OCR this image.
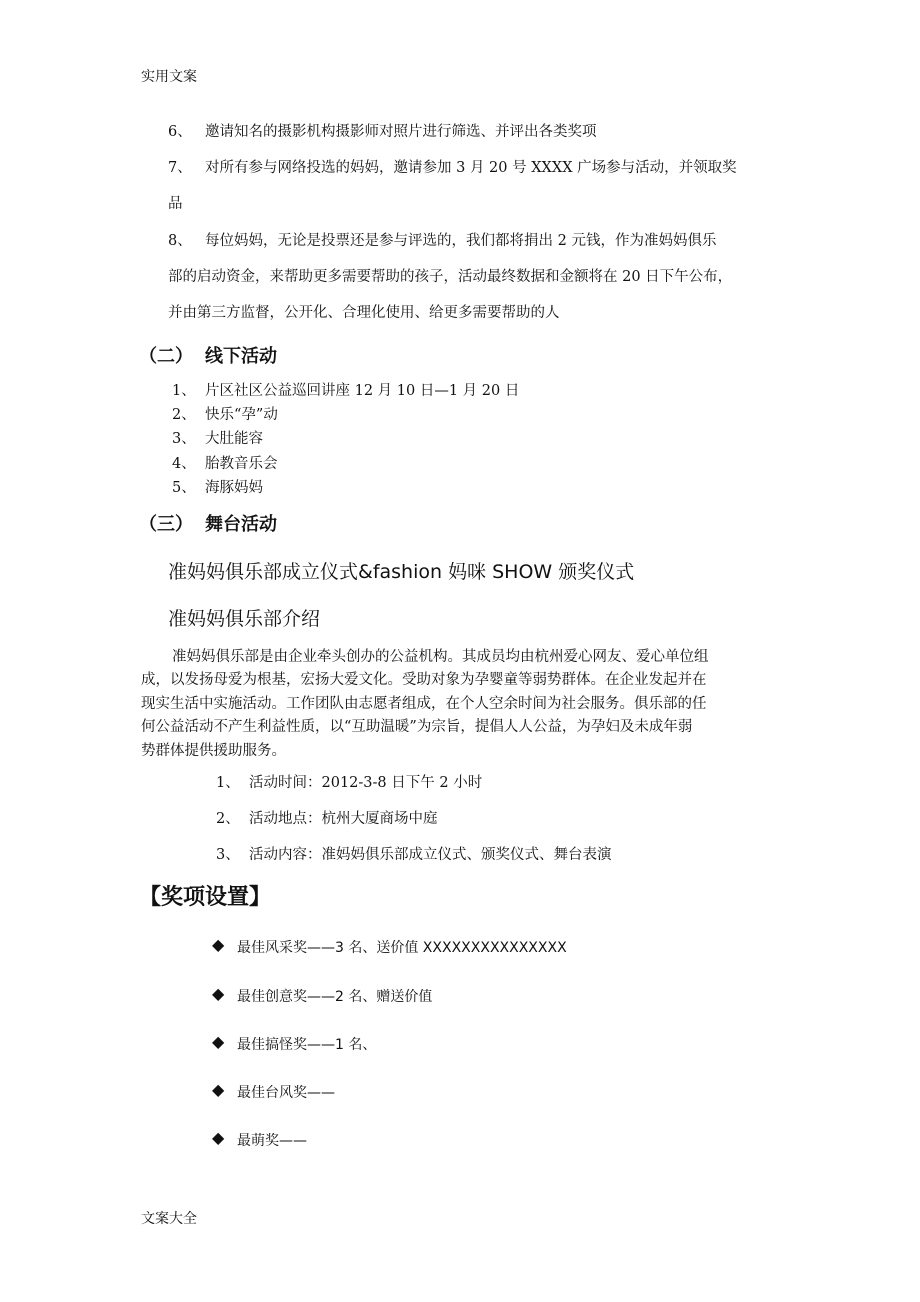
实用文案
文案大全
6、 邀请知名的摄影机构摄影师对照片进行筛选、并评出各类奖项
7、 对所有参与网络投选的妈妈，邀请参加 3 月 20 号 XXXX 广场参与活动，并领取奖
品
8、 每位妈妈，无论是投票还是参与评选的，我们都将捐出 2 元钱，作为准妈妈俱乐
部的启动资金，来帮助更多需要帮助的孩子，活动最终数据和金额将在 20 日下午公布，
并由第三方监督，公开化、合理化使用、给更多需要帮助的人
（二） 线下活动
1、 片区社区公益巡回讲座 12 月 10 日—1 月 20 日
2、 快乐“孕”动
3、 大肚能容
4、 胎教音乐会
5、 海豚妈妈
（三） 舞台活动
准妈妈俱乐部成立仪式&fashion 妈咪 SHOW 颁奖仪式
准妈妈俱乐部介绍
准妈妈俱乐部是由企业牵头创办的公益机构。其成员均由杭州爱心网友、爱心单位组
成，以发扬母爱为根基，宏扬大爱文化。受助对象为孕婴童等弱势群体。在企业发起并在
现实生活中实施活动。工作团队由志愿者组成，在个人空余时间为社会服务。俱乐部的任
何公益活动不产生利益性质，以“互助温暖”为宗旨，提倡人人公益，为孕妇及未成年弱
势群体提供援助服务。
1、 活动时间：2012-3-8 日下午 2 小时
2、 活动地点：杭州大厦商场中庭
3、 活动内容：准妈妈俱乐部成立仪式、颁奖仪式、舞台表演
【奖项设置】
◆ 最佳风采奖——3 名、送价值 XXXXXXXXXXXXXXX
◆ 最佳创意奖——2 名、赠送价值
◆ 最佳搞怪奖——1 名、
◆ 最佳台风奖——
◆ 最萌奖——
